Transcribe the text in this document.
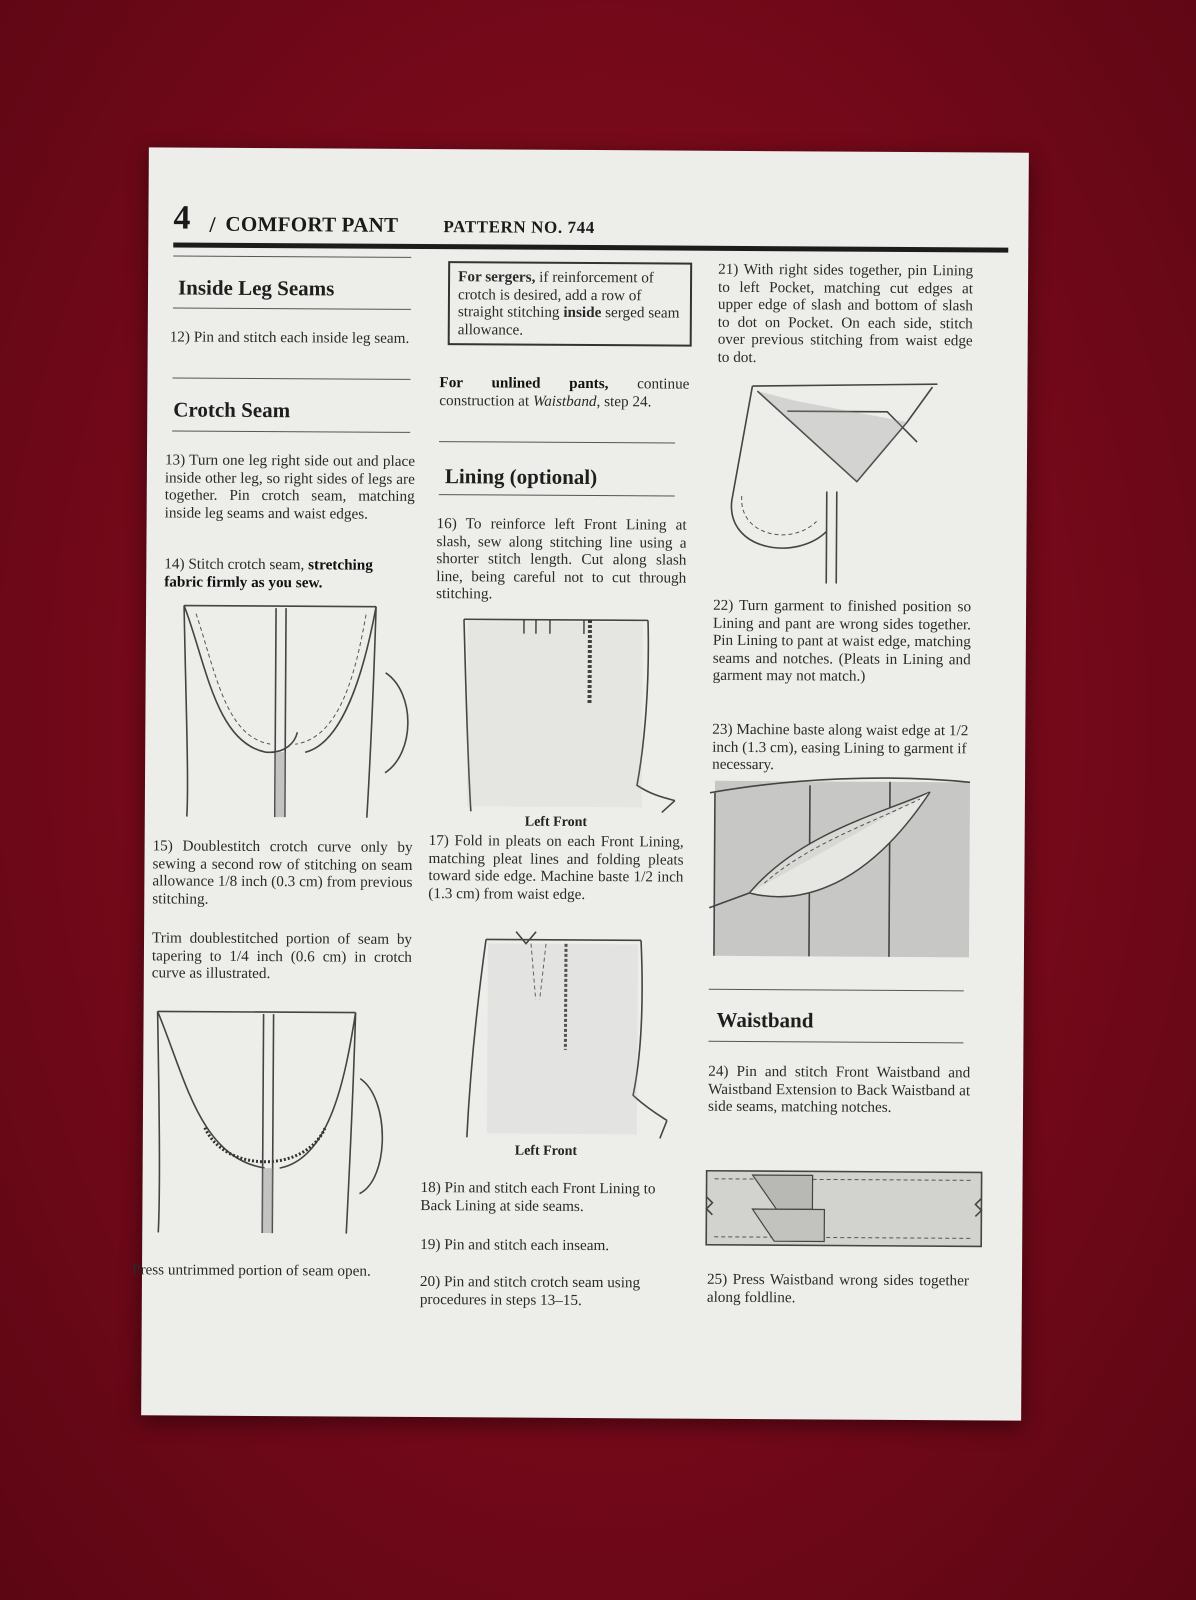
4 / COMFORT PANT	PATTERN NO. 744
Inside Leg Seams
12) Pin and stitch each inside leg seam.
Crotch Seam
13) Turn one leg right side out and place inside other leg, so right sides of legs are together. Pin crotch seam, matching inside leg seams and waist edges.
14) Stitch crotch seam, stretching fabric firmly as you sew.
15) Doublestitch crotch curve only by sewing a second row of stitching on seam allowance 1/8 inch (0.3 cm) from previous stitching.
Trim doublestitched portion of seam by tapering to 1/4 inch (0.6 cm) in crotch curve as illustrated.
Press untrimmed portion of seam open.
For sergers, if reinforcement of crotch is desired, add a row of straight stitching inside serged seam allowance.
For unlined pants, continue construction at Waistband, step 24.
Lining (optional)
16) To reinforce left Front Lining at slash, sew along stitching line using a shorter stitch length. Cut along slash line, being careful not to cut through stitching.
Left Front
17) Fold in pleats on each Front Lining, matching pleat lines and folding pleats toward side edge. Machine baste 1/2 inch (1.3 cm) from waist edge.
Left Front
18) Pin and stitch each Front Lining to Back Lining at side seams.
19) Pin and stitch each inseam.
20) Pin and stitch crotch seam using procedures in steps 13–15.
21) With right sides together, pin Lining to left Pocket, matching cut edges at upper edge of slash and bottom of slash to dot on Pocket. On each side, stitch over previous stitching from waist edge to dot.
22) Turn garment to finished position so Lining and pant are wrong sides together. Pin Lining to pant at waist edge, matching seams and notches. (Pleats in Lining and garment may not match.)
23) Machine baste along waist edge at 1/2 inch (1.3 cm), easing Lining to garment if necessary.
Waistband
24) Pin and stitch Front Waistband and Waistband Extension to Back Waistband at side seams, matching notches.
25) Press Waistband wrong sides together along foldline.
